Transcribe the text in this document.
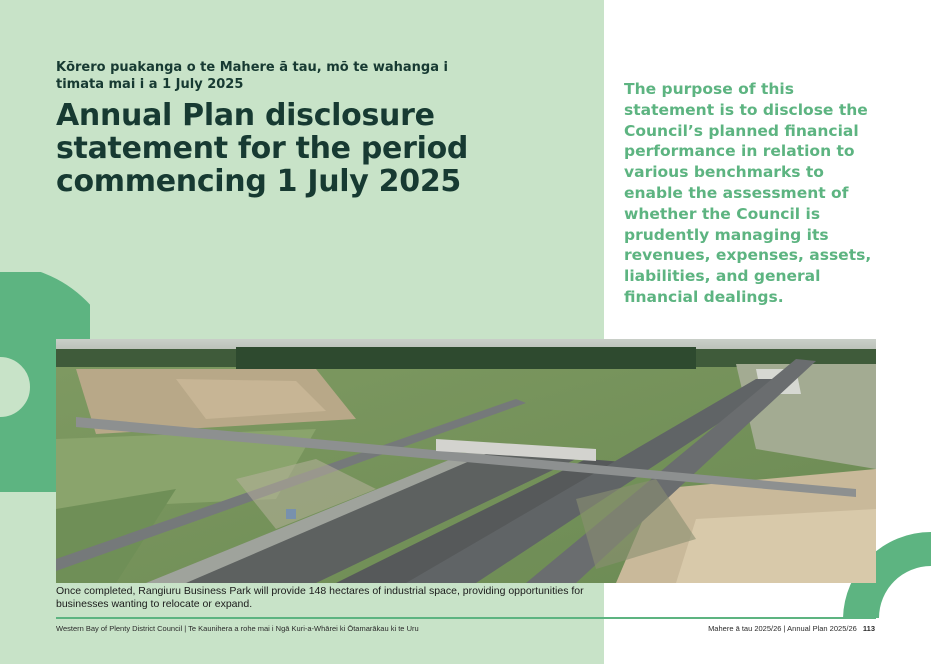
Kōrero puakanga o te Mahere ā tau, mō te wahanga i timata mai i a 1 July 2025
Annual Plan disclosure statement for the period commencing 1 July 2025

The purpose of this statement is to disclose the Council’s planned financial performance in relation to various benchmarks to enable the assessment of whether the Council is prudently managing its revenues, expenses, assets, liabilities, and general financial dealings.

Once completed, Rangiuru Business Park will provide 148 hectares of industrial space, providing opportunities for businesses wanting to relocate or expand.

Western Bay of Plenty District Council | Te Kaunihera a rohe mai i Ngā Kuri-a-Whārei ki Ōtamarākau ki te Uru	Mahere ā tau 2025/26 | Annual Plan 2025/26 113
